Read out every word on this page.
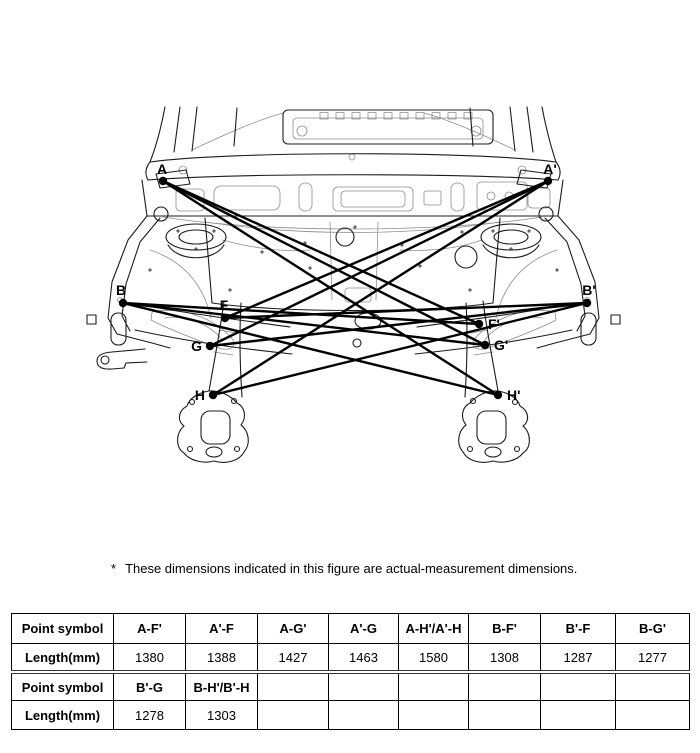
A	A'
B	B'
F
F'
G	G'
H	H'
* These dimensions indicated in this figure are actual-measurement dimensions.
Point symbol	A-F'	A'-F	A-G'	A'-G	A-H'/A'-H	B-F'	B'-F	B-G'
Length(mm)	1380	1388	1427	1463	1580	1308	1287	1277
Point symbol	B'-G	B-H'/B'-H						
Length(mm)	1278	1303						
